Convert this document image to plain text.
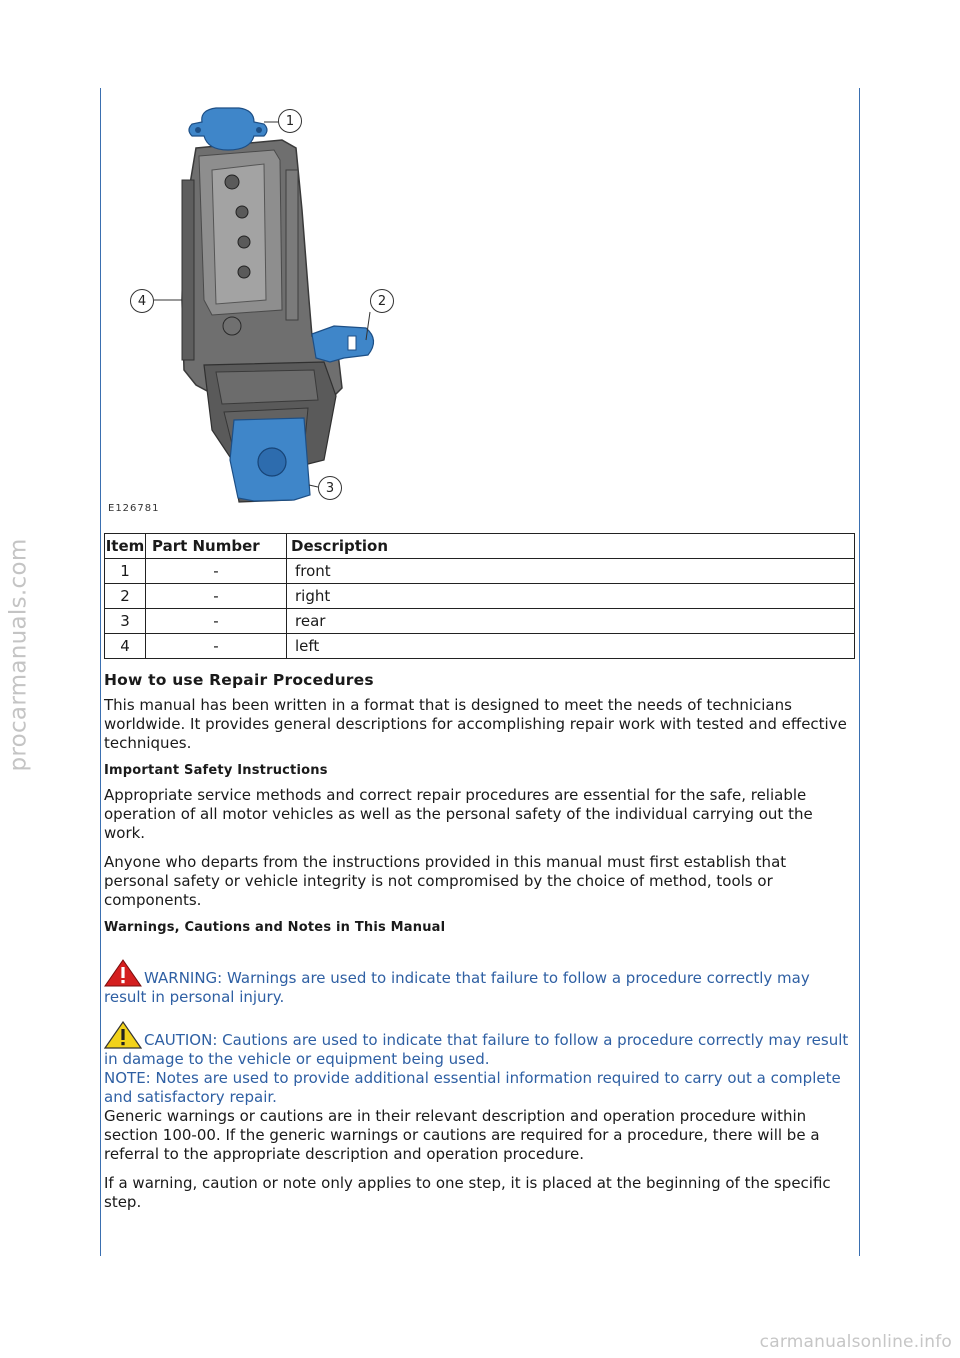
procarmanuals.com
carmanualsonline.info
1
2
3
4
E126781
Item	Part Number	Description
1	-	front
2	-	right
3	-	rear
4	-	left
How to use Repair Procedures

This manual has been written in a format that is designed to meet the needs of technicians worldwide. It provides general descriptions for accomplishing repair work with tested and effective techniques.

Important Safety Instructions

Appropriate service methods and correct repair procedures are essential for the safe, reliable operation of all motor vehicles as well as the personal safety of the individual carrying out the work.

Anyone who departs from the instructions provided in this manual must first establish that personal safety or vehicle integrity is not compromised by the choice of method, tools or components.

Warnings, Cautions and Notes in This Manual
WARNING: Warnings are used to indicate that failure to follow a procedure correctly may result in personal injury.
CAUTION: Cautions are used to indicate that failure to follow a procedure correctly may result in damage to the vehicle or equipment being used.

NOTE: Notes are used to provide additional essential information required to carry out a complete and satisfactory repair.

Generic warnings or cautions are in their relevant description and operation procedure within section 100-00. If the generic warnings or cautions are required for a procedure, there will be a referral to the appropriate description and operation procedure.

If a warning, caution or note only applies to one step, it is placed at the beginning of the specific step.
